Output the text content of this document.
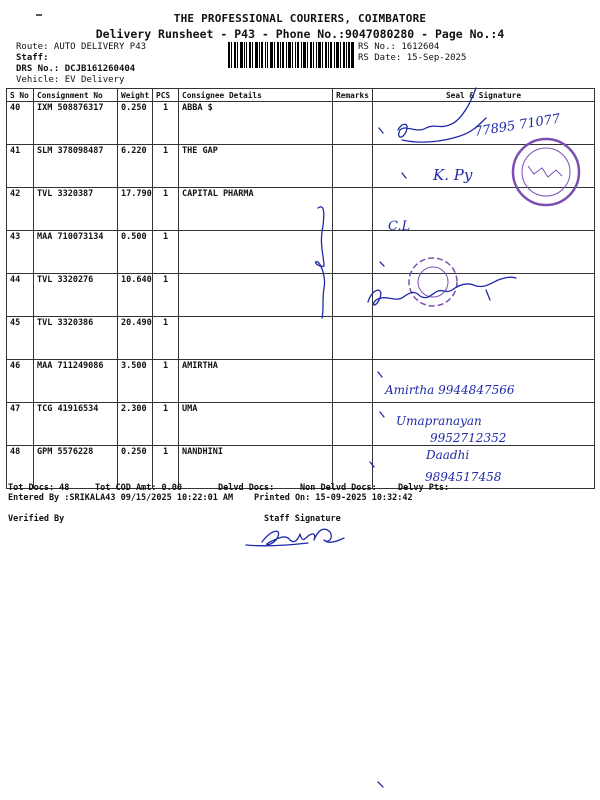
THE PROFESSIONAL COURIERS, COIMBATORE
Delivery Runsheet - P43 - Phone No.:9047080280 - Page No.:4
Route: AUTO DELIVERY P43
Staff:
DRS No.: DCJB161260404
Vehicle: EV Delivery
RS No.: 1612604
RS Date: 15-Sep-2025
S No	Consignment No	Weight	PCS	Consignee Details	Remarks	Seal & Signature
40	IXM 508876317	0.250	1	ABBA $		
41	SLM 378098487	6.220	1	THE GAP		
42	TVL 3320387	17.790	1	CAPITAL PHARMA		
43	MAA 710073134	0.500	1			
44	TVL 3320276	10.640	1			
45	TVL 3320386	20.490	1			
46	MAA 711249086	3.500	1	AMIRTHA		
47	TCG 41916534	2.300	1	UMA		
48	GPM 5576228	0.250	1	NANDHINI		
Tot Docs: 48	Tot COD Amt: 0.00	Delvd Docs:	Non Delvd Docs: Delvy Pts:
Entered By :SRIKALA43 09/15/2025 10:22:01 AM Printed On: 15-09-2025 10:32:42
Verified By	Staff Signature
77895 71077
K. Py
C.L
Amirtha 9944847566
Umapranayan
9952712352
Daadhi
9894517458
